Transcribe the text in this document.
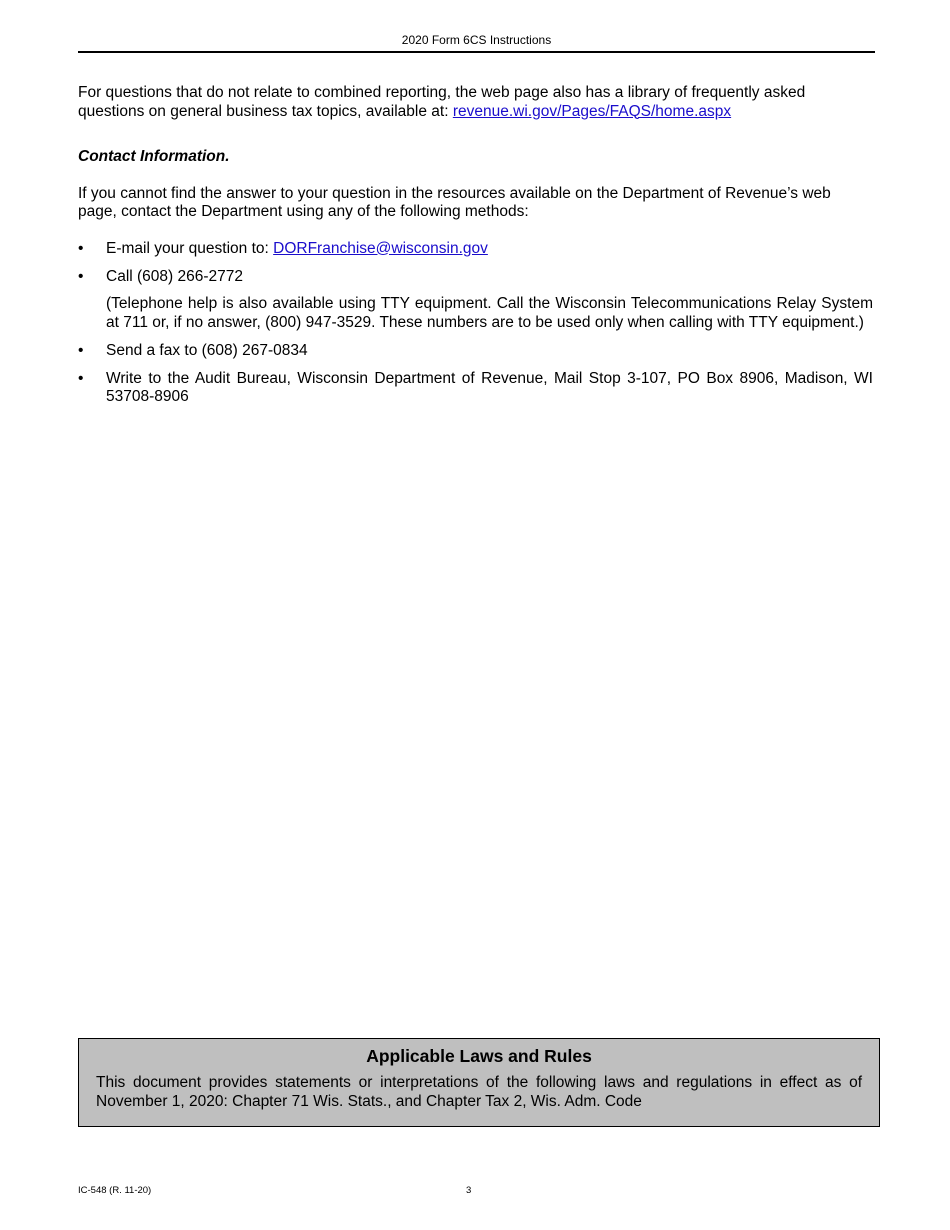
2020 Form 6CS Instructions

For questions that do not relate to combined reporting, the web page also has a library of frequently asked questions on general business tax topics, available at: revenue.wi.gov/Pages/FAQS/home.aspx

Contact Information.

If you cannot find the answer to your question in the resources available on the Department of Revenue’s web page, contact the Department using any of the following methods:

• E-mail your question to: DORFranchise@wisconsin.gov
• Call (608) 266-2772
(Telephone help is also available using TTY equipment. Call the Wisconsin Telecommunications Relay System at 711 or, if no answer, (800) 947-3529. These numbers are to be used only when calling with TTY equipment.)
• Send a fax to (608) 267-0834
• Write to the Audit Bureau, Wisconsin Department of Revenue, Mail Stop 3-107, PO Box 8906, Madison, WI 53708-8906
Applicable Laws and Rules
This document provides statements or interpretations of the following laws and regulations in effect as of November 1, 2020: Chapter 71 Wis. Stats., and Chapter Tax 2, Wis. Adm. Code
IC-548 (R. 11-20)	3
